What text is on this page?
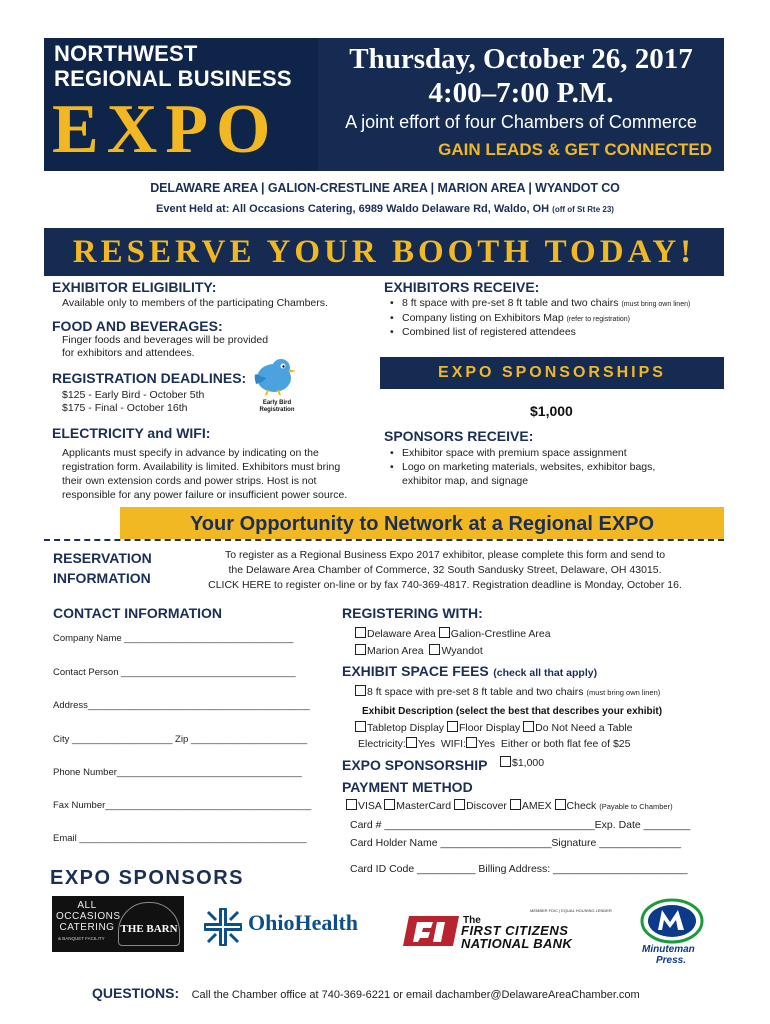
NORTHWEST
REGIONAL BUSINESS
EXPO
Thursday, October 26, 2017
4:00–7:00 P.M.
A joint effort of four Chambers of Commerce
GAIN LEADS & GET CONNECTED
DELAWARE AREA | GALION-CRESTLINE AREA | MARION AREA | WYANDOT CO
Event Held at: All Occasions Catering, 6989 Waldo Delaware Rd, Waldo, OH (off of St Rte 23)
RESERVE YOUR BOOTH TODAY!
EXHIBITOR ELIGIBILITY:
Available only to members of the participating Chambers.
FOOD AND BEVERAGES:
Finger foods and beverages will be provided
for exhibitors and attendees.
REGISTRATION DEADLINES:
$125 - Early Bird - October 5th
$175 - Final - October 16th	Early Bird
Registration
ELECTRICITY and WIFI:
Applicants must specify in advance by indicating on the
registration form. Availability is limited. Exhibitors must bring
their own extension cords and power strips. Host is not
responsible for any power failure or insufficient power source.
EXHIBITORS RECEIVE:
• 8 ft space with pre-set 8 ft table and two chairs (must bring own linen)
• Company listing on Exhibitors Map (refer to registration)
• Combined list of registered attendees
EXPO SPONSORSHIPS
$1,000
SPONSORS RECEIVE:
• Exhibitor space with premium space assignment
• Logo on marketing materials, websites, exhibitor bags,
exhibitor map, and signage
Your Opportunity to Network at a Regional EXPO
RESERVATION
INFORMATION
To register as a Regional Business Expo 2017 exhibitor, please complete this form and send to
the Delaware Area Chamber of Commerce, 32 South Sandusky Street, Delaware, OH 43015.
CLICK HERE to register on-line or by fax 740-369-4817. Registration deadline is Monday, October 16.
CONTACT INFORMATION
Company Name ________________________________
Contact Person _________________________________
Address__________________________________________
City ___________________ Zip ______________________
Phone Number___________________________________
Fax Number_______________________________________
Email ___________________________________________
REGISTERING WITH:
Delaware Area Galion-Crestline Area
Marion Area Wyandot
EXHIBIT SPACE FEES (check all that apply)
8 ft space with pre-set 8 ft table and two chairs (must bring own linen)
Exhibit Description (select the best that describes your exhibit)
Tabletop Display Floor Display Do Not Need a Table
Electricity: Yes WIFI: Yes Either or both flat fee of $25
EXPO SPONSORSHIP	$1,000
PAYMENT METHOD
VISA MasterCard Discover AMEX Check (Payable to Chamber)
Card # ____________________________________Exp. Date ________
Card Holder Name ___________________Signature ______________
Card ID Code __________ Billing Address: _______________________
EXPO SPONSORS
ALL
OCCASIONS
CATERING
& BANQUET FACILITY
THE BARN	OhioHealth	MEMBER FDIC | EQUAL HOUSING LENDER
The
FIRST CITIZENS
NATIONAL BANK	Minuteman
Press.
QUESTIONS: Call the Chamber office at 740-369-6221 or email dachamber@DelawareAreaChamber.com
